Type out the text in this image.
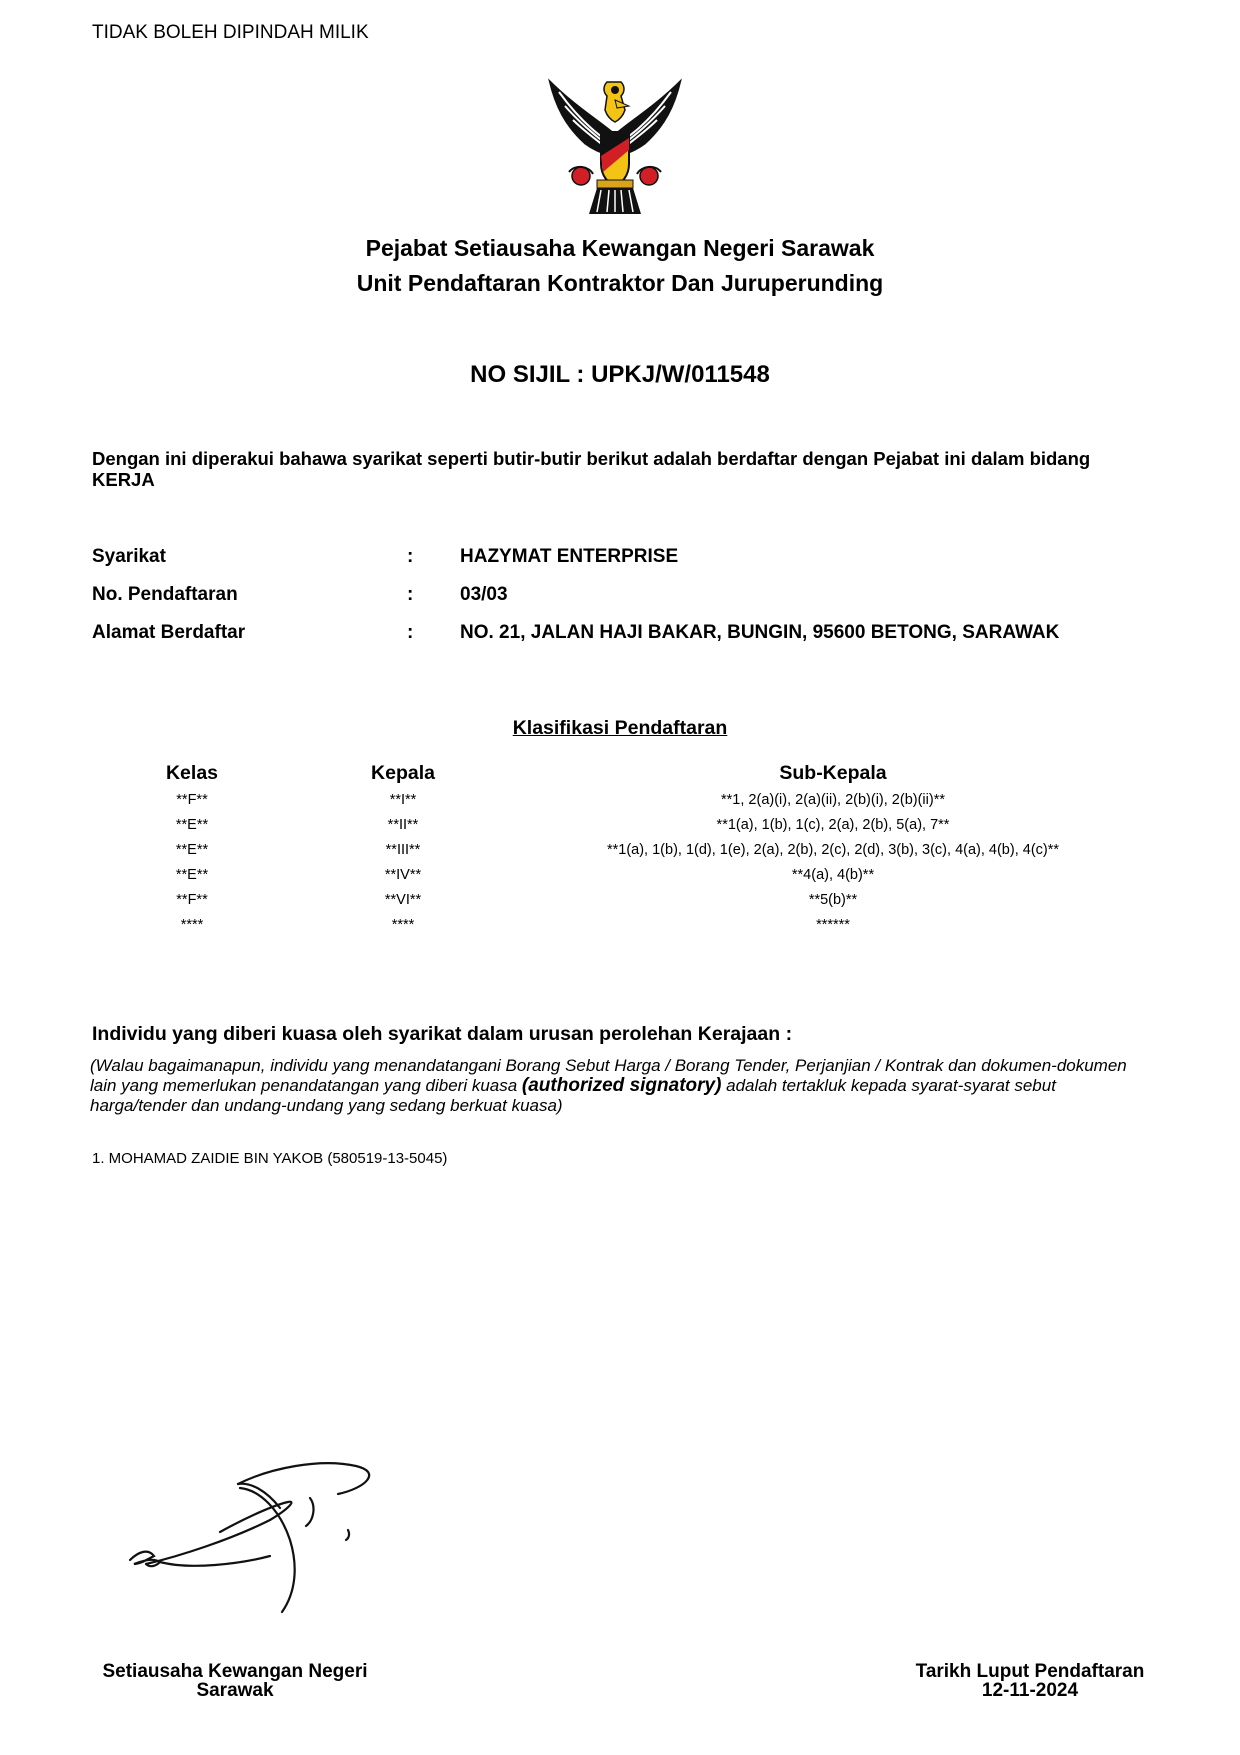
TIDAK BOLEH DIPINDAH MILIK
Pejabat Setiausaha Kewangan Negeri Sarawak
Unit Pendaftaran Kontraktor Dan Juruperunding
NO SIJIL : UPKJ/W/011548
Dengan ini diperakui bahawa syarikat seperti butir-butir berikut adalah berdaftar dengan Pejabat ini dalam bidang KERJA
Syarikat	: HAZYMAT ENTERPRISE
No. Pendaftaran	: 03/03
Alamat Berdaftar	: NO. 21, JALAN HAJI BAKAR, BUNGIN, 95600 BETONG, SARAWAK
Klasifikasi Pendaftaran
Kelas	Kepala	Sub-Kepala
**F**	**I**	**1, 2(a)(i), 2(a)(ii), 2(b)(i), 2(b)(ii)**
**E**	**II**	**1(a), 1(b), 1(c), 2(a), 2(b), 5(a), 7**
**E**	**III**	**1(a), 1(b), 1(d), 1(e), 2(a), 2(b), 2(c), 2(d), 3(b), 3(c), 4(a), 4(b), 4(c)**
**E**	**IV**	**4(a), 4(b)**
**F**	**VI**	**5(b)**
****	****	******
Individu yang diberi kuasa oleh syarikat dalam urusan perolehan Kerajaan :
(Walau bagaimanapun, individu yang menandatangani Borang Sebut Harga / Borang Tender, Perjanjian / Kontrak dan dokumen-dokumen lain yang memerlukan penandatangan yang diberi kuasa (authorized signatory) adalah tertakluk kepada syarat-syarat sebut harga/tender dan undang-undang yang sedang berkuat kuasa)
1. MOHAMAD ZAIDIE BIN YAKOB (580519-13-5045)
Setiausaha Kewangan Negeri
Sarawak
Tarikh Luput Pendaftaran
12-11-2024
